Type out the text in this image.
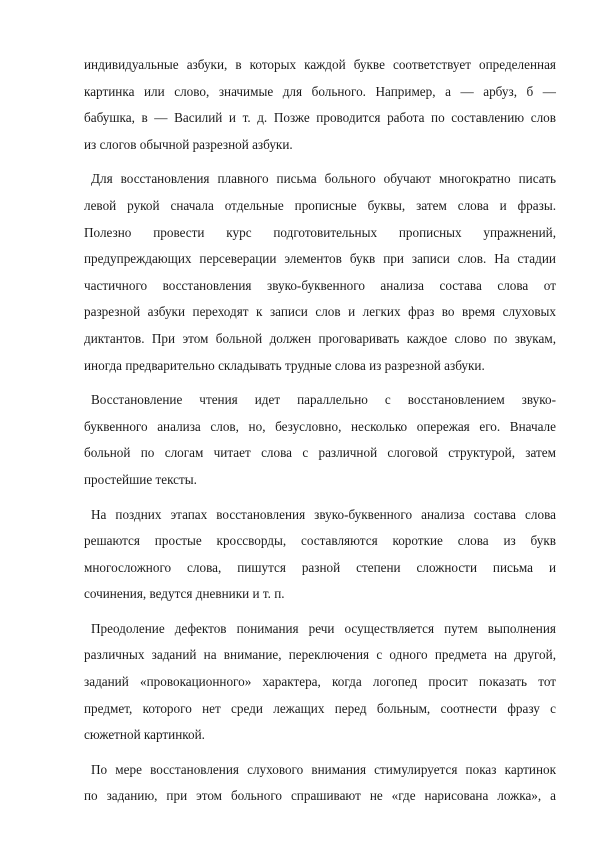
индивидуальные азбуки, в которых каждой букве соответствует определенная
картинка или слово, значимые для больного. Например, а — арбуз, б —
бабушка, в — Василий и т. д. Позже проводится работа по составлению слов
из слогов обычной разрезной азбуки.

Для восстановления плавного письма больного обучают многократно писать
левой рукой сначала отдельные прописные буквы, затем слова и фразы.
Полезно провести курс подготовительных прописных упражнений,
предупреждающих персеверации элементов букв при записи слов. На стадии
частичного восстановления звуко-буквенного анализа состава слова от
разрезной азбуки переходят к записи слов и легких фраз во время слуховых
диктантов. При этом больной должен проговаривать каждое слово по звукам,
иногда предварительно складывать трудные слова из разрезной азбуки.

Восстановление чтения идет параллельно с восстановлением звуко-
буквенного анализа слов, но, безусловно, несколько опережая его. Вначале
больной по слогам читает слова с различной слоговой структурой, затем
простейшие тексты.

На поздних этапах восстановления звуко-буквенного анализа состава слова
решаются простые кроссворды, составляются короткие слова из букв
многосложного слова, пишутся разной степени сложности письма и
сочинения, ведутся дневники и т. п.

Преодоление дефектов понимания речи осуществляется путем выполнения
различных заданий на внимание, переключения с одного предмета на другой,
заданий «провокационного» характера, когда логопед просит показать тот
предмет, которого нет среди лежащих перед больным, соотнести фразу с
сюжетной картинкой.

По мере восстановления слухового внимания стимулируется показ картинок
по заданию, при этом больного спрашивают не «где нарисована ложка», а
